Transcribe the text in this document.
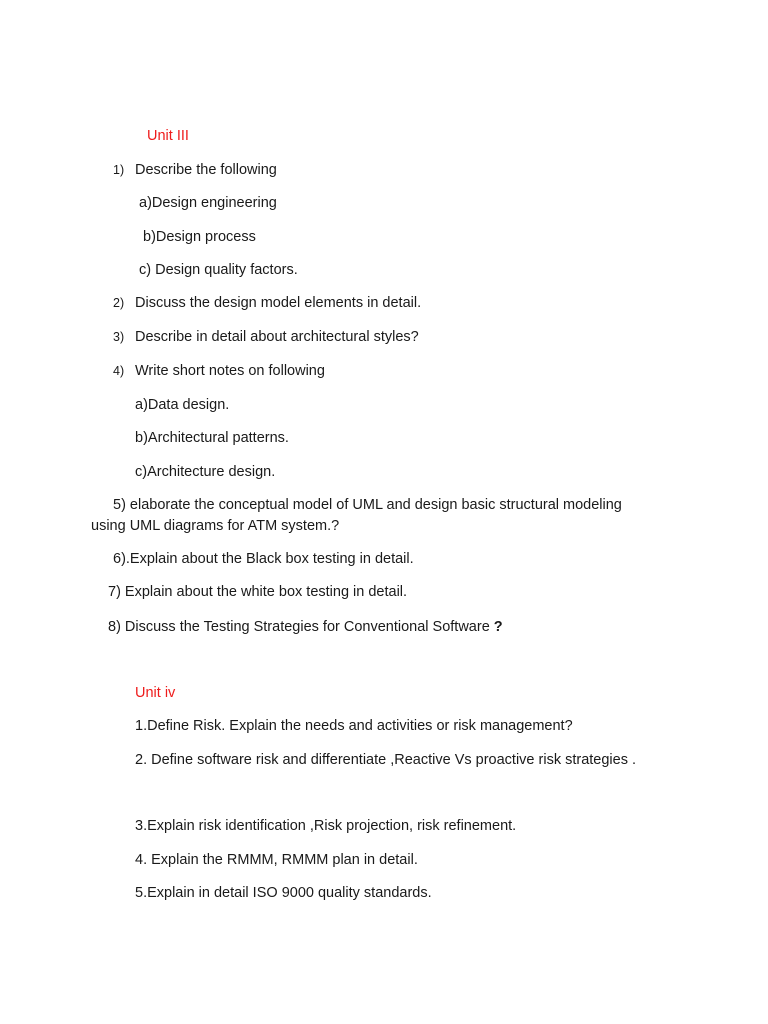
Unit III
1) Describe the following
a)Design engineering
b)Design process
c) Design quality factors.
2) Discuss the design model elements in detail.
3) Describe in detail about architectural styles?
4) Write short notes on following
a)Data design.
b)Architectural patterns.
c)Architecture design.
5) elaborate the conceptual model of UML and design basic structural modeling
using UML diagrams for ATM system.?
6).Explain about the Black box testing in detail.
7) Explain about the white box testing in detail.
8) Discuss the Testing Strategies for Conventional Software ?
Unit iv
1.Define Risk. Explain the needs and activities or risk management?
2. Define software risk and differentiate ,Reactive Vs proactive risk strategies .
3.Explain risk identification ,Risk projection, risk refinement.
4. Explain the RMMM, RMMM plan in detail.
5.Explain in detail ISO 9000 quality standards.
